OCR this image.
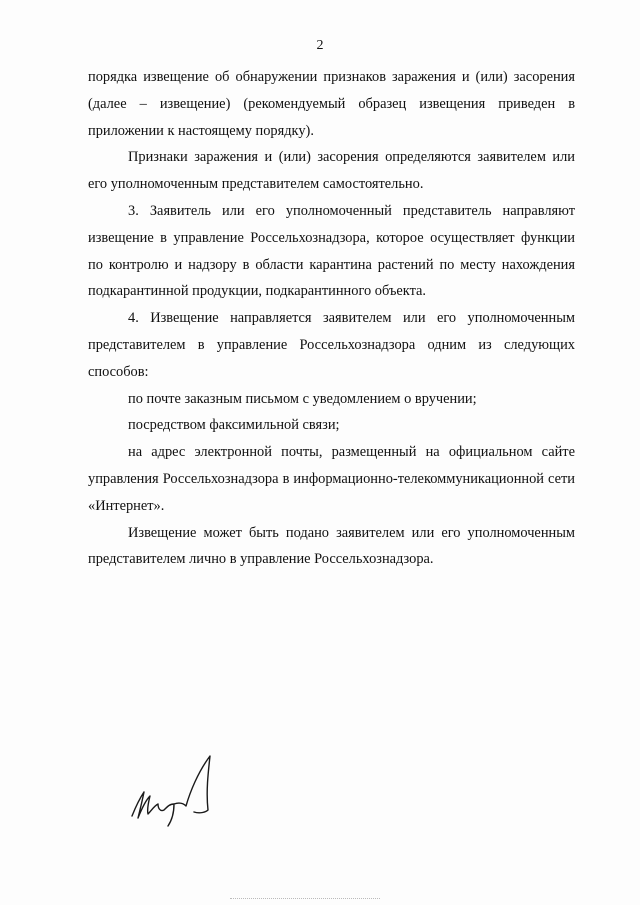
2

порядка извещение об обнаружении признаков заражения и (или) засорения (далее – извещение) (рекомендуемый образец извещения приведен в приложении к настоящему порядку).

Признаки заражения и (или) засорения определяются заявителем или его уполномоченным представителем самостоятельно.

3. Заявитель или его уполномоченный представитель направляют извещение в управление Россельхознадзора, которое осуществляет функции по контролю и надзору в области карантина растений по месту нахождения подкарантинной продукции, подкарантинного объекта.

4. Извещение направляется заявителем или его уполномоченным представителем в управление Россельхознадзора одним из следующих способов:

по почте заказным письмом с уведомлением о вручении;

посредством факсимильной связи;

на адрес электронной почты, размещенный на официальном сайте управления Россельхознадзора в информационно-телекоммуникационной сети «Интернет».

Извещение может быть подано заявителем или его уполномоченным представителем лично в управление Россельхознадзора.
